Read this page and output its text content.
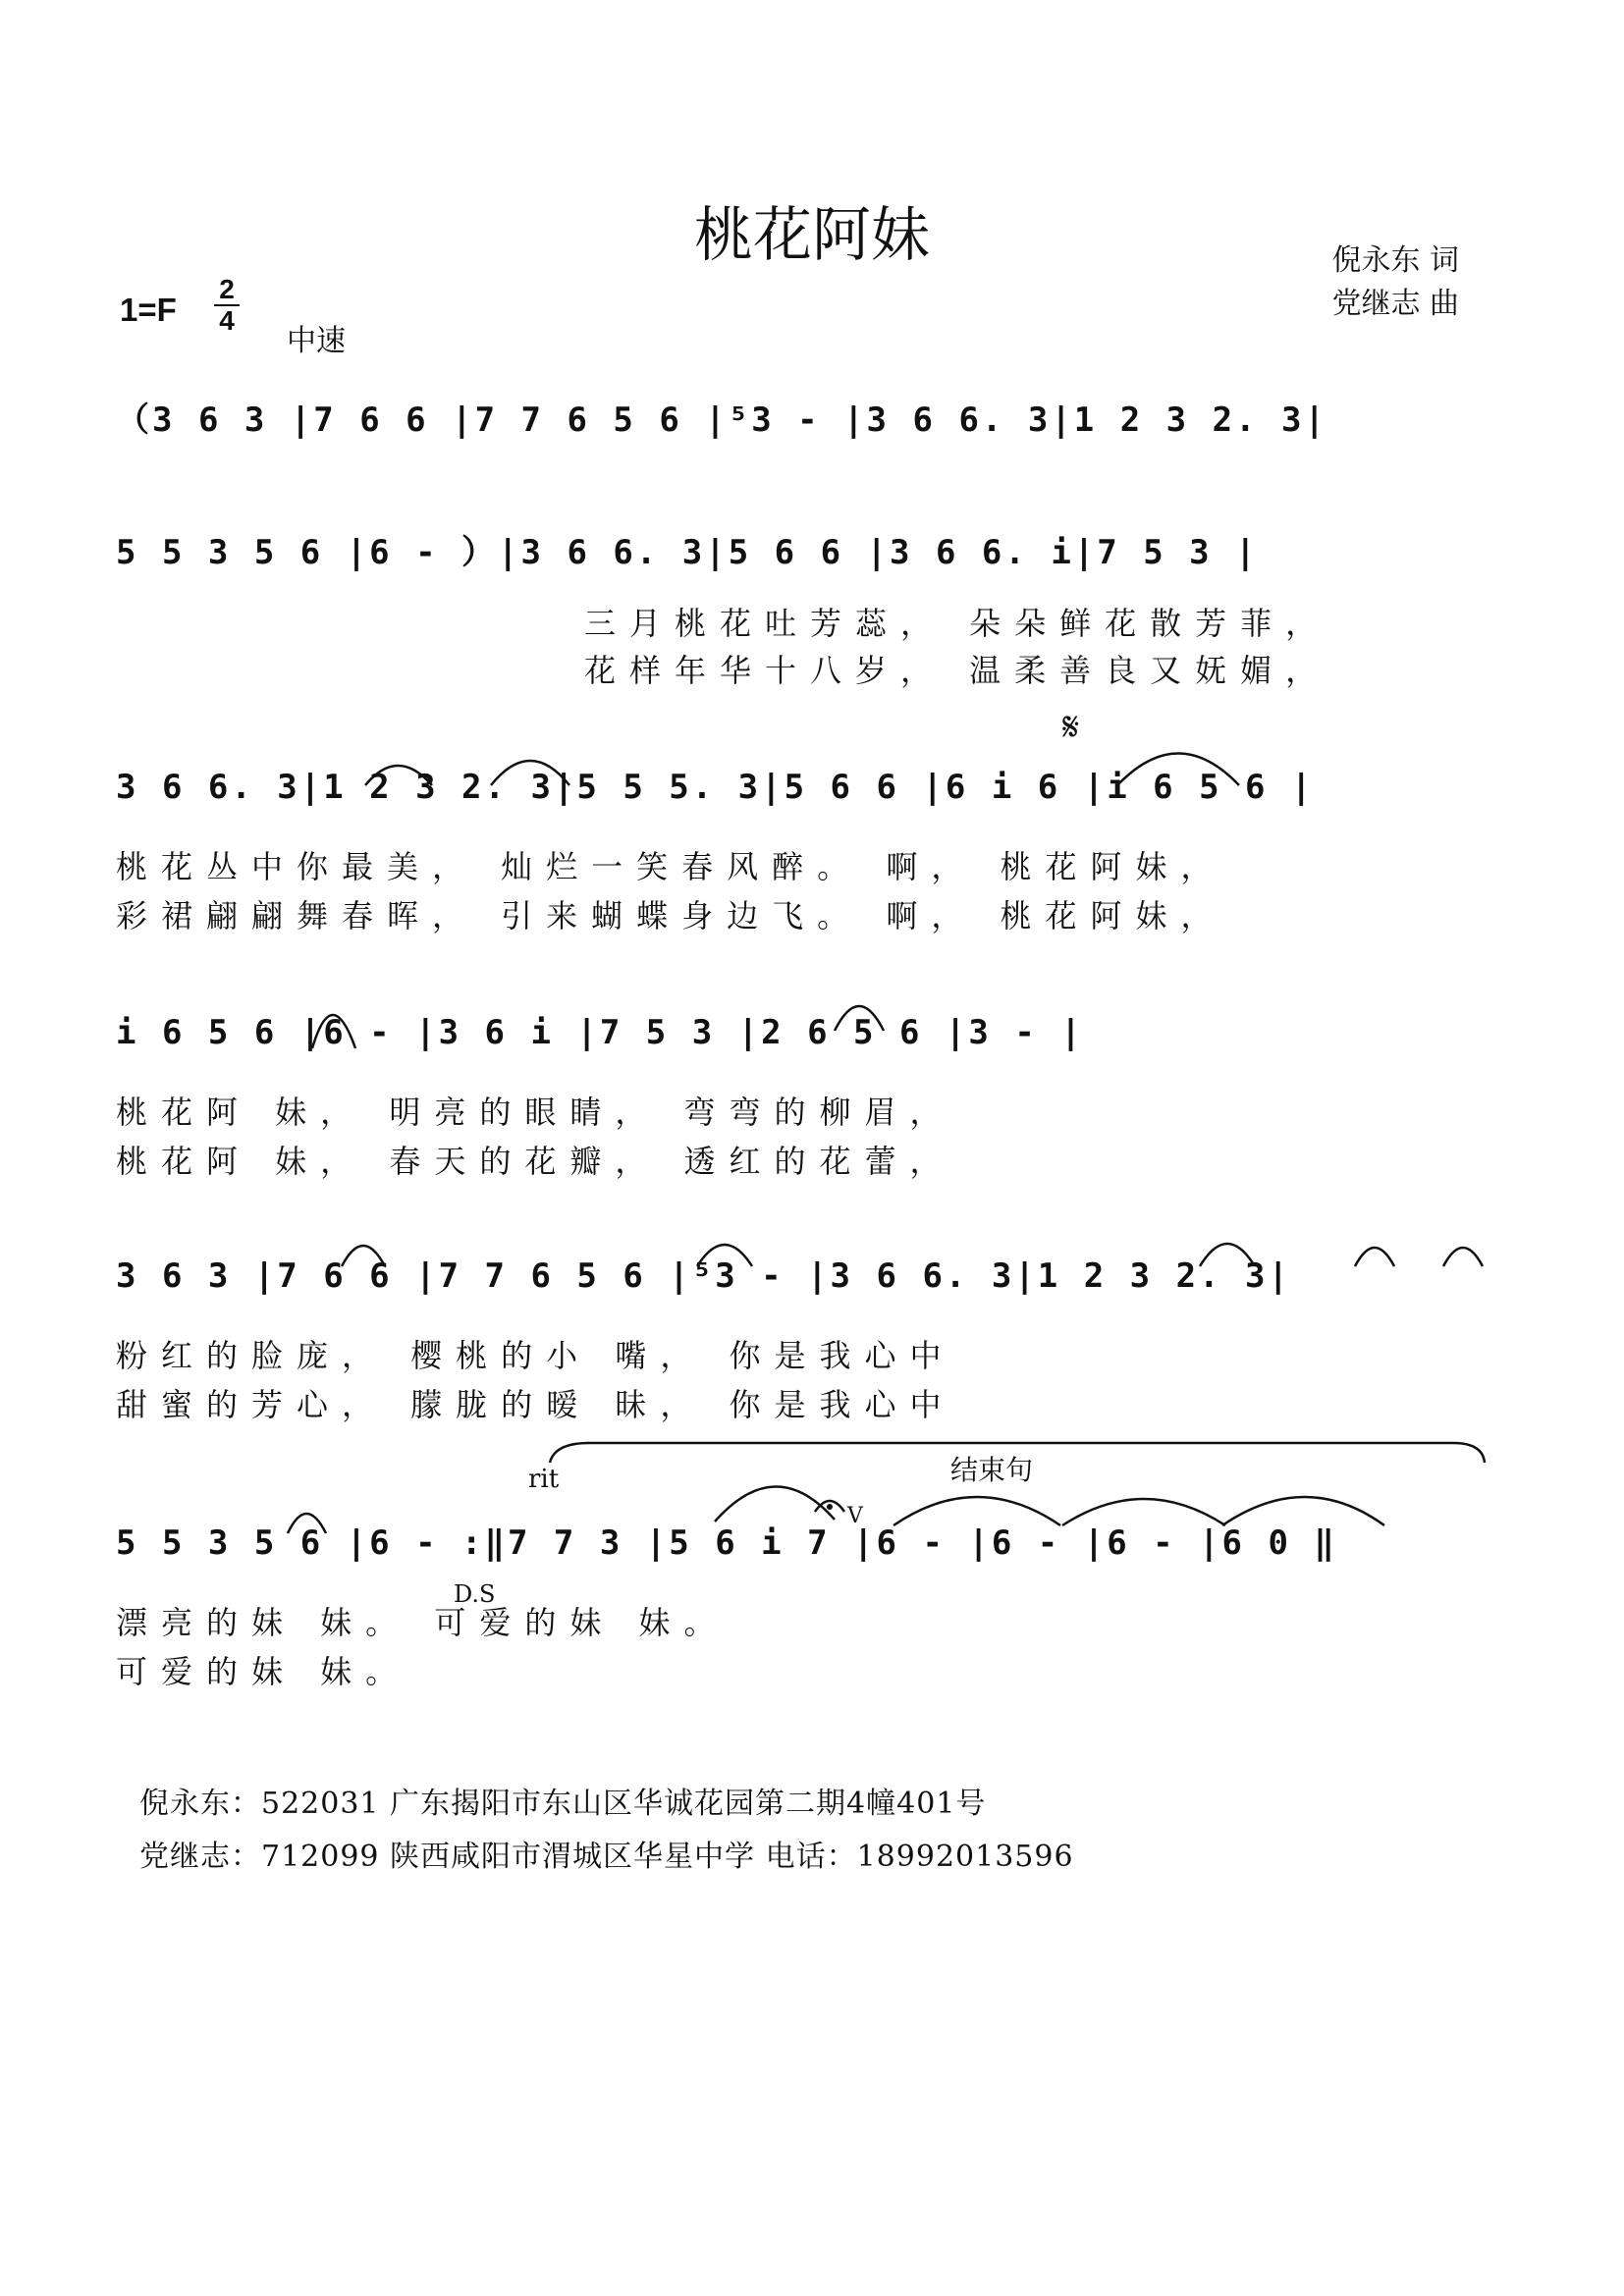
桃花阿妹	倪永东 词
党继志 曲
1=F
2
4
中速
（3 6 3 |7 6 6 |7 7 6 5 6 |⁵3 - |3 6 6. 3|1 2 3 2. 3|
5 5 3 5 6 |6 - ）|3 6 6. 3|5 6 6 |3 6 6. i|7 5 3 |
三月桃花吐芳蕊， 朵朵鲜花散芳菲，
花样年华十八岁， 温柔善良又妩媚，
𝄋
3 6 6. 3|1 2 3 2. 3|5 5 5. 3|5 6 6 |6 i 6 |i 6 5 6 |
桃花丛中你最美， 灿烂一笑春风醉。 啊， 桃花阿妹，
彩裙翩翩舞春晖， 引来蝴蝶身边飞。 啊， 桃花阿妹，
i 6 5 6 |6 - |3 6 i |7 5 3 |2 6 5 6 |3 - |
桃花阿 妹， 明亮的眼睛， 弯弯的柳眉，
桃花阿 妹， 春天的花瓣， 透红的花蕾，
3 6 3 |7 6 6 |7 7 6 5 6 |⁵3 - |3 6 6. 3|1 2 3 2. 3|
粉红的脸庞， 樱桃的小 嘴， 你是我心中
甜蜜的芳心， 朦胧的暧 昧， 你是我心中
rit	结束句
V
5 5 3 5 6 |6 - :‖7 7 3 |5 6 i 7 |6 - |6 - |6 - |6 0 ‖
D.S
漂亮的妹 妹。 可爱的妹 妹。
可爱的妹 妹。
倪永东：522031 广东揭阳市东山区华诚花园第二期4幢401号
党继志：712099 陕西咸阳市渭城区华星中学 电话：18992013596
